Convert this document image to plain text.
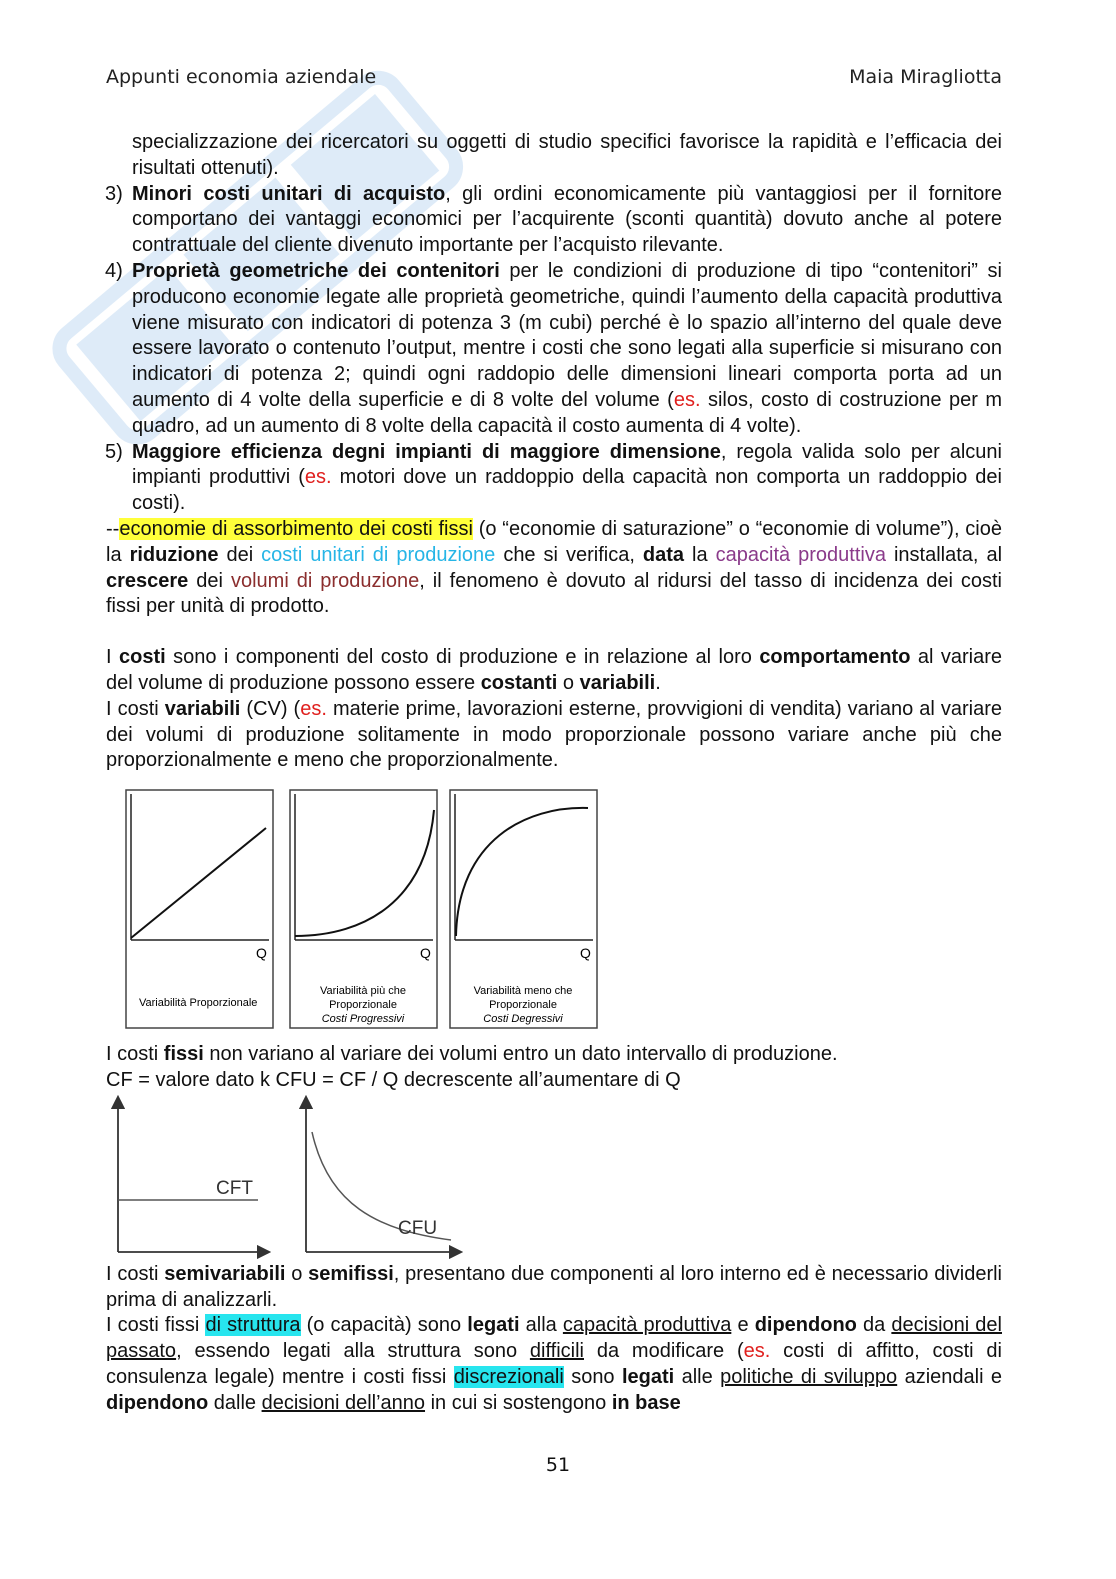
Appunti economia aziendale	Maia Miragliotta
specializzazione dei ricercatori su oggetti di studio specifici favorisce la rapidità e l’efficacia dei risultati ottenuti).
3) Minori costi unitari di acquisto, gli ordini economicamente più vantaggiosi per il fornitore comportano dei vantaggi economici per l’acquirente (sconti quantità) dovuto anche al potere contrattuale del cliente divenuto importante per l’acquisto rilevante.
4) Proprietà geometriche dei contenitori per le condizioni di produzione di tipo “contenitori” si producono economie legate alle proprietà geometriche, quindi l’aumento della capacità produttiva viene misurato con indicatori di potenza 3 (m cubi) perché è lo spazio all’interno del quale deve essere lavorato o contenuto l’output, mentre i costi che sono legati alla superficie si misurano con indicatori di potenza 2; quindi ogni raddopio delle dimensioni lineari comporta porta ad un aumento di 4 volte della superficie e di 8 volte del volume (es. silos, costo di costruzione per m quadro, ad un aumento di 8 volte della capacità il costo aumenta di 4 volte).
5) Maggiore efficienza degni impianti di maggiore dimensione, regola valida solo per alcuni impianti produttivi (es. motori dove un raddoppio della capacità non comporta un raddoppio dei costi).
--economie di assorbimento dei costi fissi (o “economie di saturazione” o “economie di volume”), cioè la riduzione dei costi unitari di produzione che si verifica, data la capacità produttiva installata, al crescere dei volumi di produzione, il fenomeno è dovuto al ridursi del tasso di incidenza dei costi fissi per unità di prodotto.
I costi sono i componenti del costo di produzione e in relazione al loro comportamento al variare del volume di produzione possono essere costanti o variabili.
I costi variabili (CV) (es. materie prime, lavorazioni esterne, provvigioni di vendita) variano al variare dei volumi di produzione solitamente in modo proporzionale possono variare anche più che proporzionalmente e meno che proporzionalmente.
Q
Variabilità Proporzionale
Q
Variabilità più che
Proporzionale
Costi Progressivi
Q
Variabilità meno che
Proporzionale
Costi Degressivi
I costi fissi non variano al variare dei volumi entro un dato intervallo di produzione.
CF = valore dato k CFU = CF / Q decrescente all’aumentare di Q
CFT
CFU
I costi semivariabili o semifissi, presentano due componenti al loro interno ed è necessario dividerli prima di analizzarli.
I costi fissi di struttura (o capacità) sono legati alla capacità produttiva e dipendono da decisioni del passato, essendo legati alla struttura sono difficili da modificare (es. costi di affitto, costi di consulenza legale) mentre i costi fissi discrezionali sono legati alle politiche di sviluppo aziendali e dipendono dalle decisioni dell’anno in cui si sostengono in base
51
